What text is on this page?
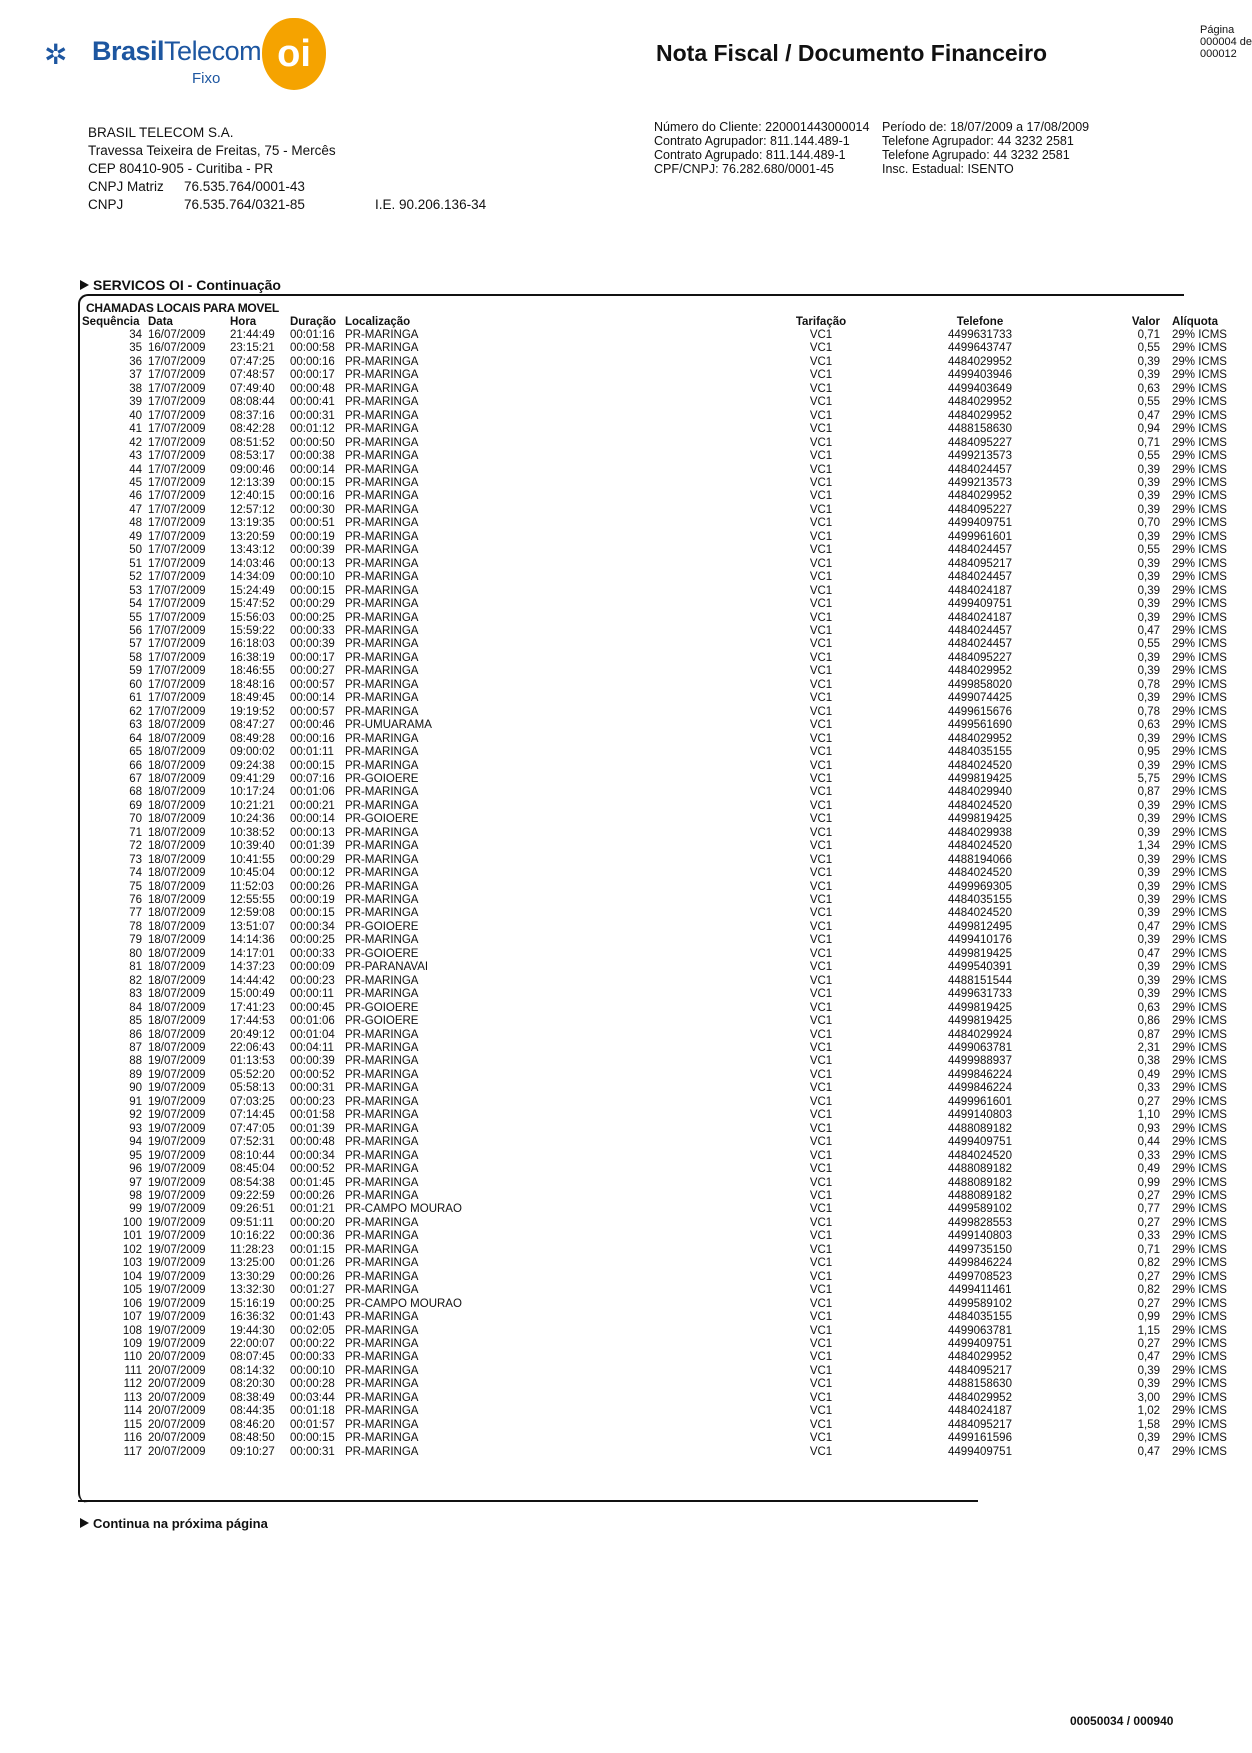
✲ BrasilTelecom
Fixo
oi	Nota Fiscal / Documento Financeiro
Página
000004 de
000012
BRASIL TELECOM S.A.
Travessa Teixeira de Freitas, 75 - Mercês
CEP 80410-905 - Curitiba - PR
CNPJ Matriz 76.535.764/0001-43
CNPJ	76.535.764/0321-85	I.E. 90.206.136-34
Número do Cliente: 220001443000014
Contrato Agrupador: 811.144.489-1
Contrato Agrupado: 811.144.489-1
CPF/CNPJ: 76.282.680/0001-45
Período de: 18/07/2009 a 17/08/2009
Telefone Agrupador: 44 3232 2581
Telefone Agrupado: 44 3232 2581
Insc. Estadual: ISENTO
SERVICOS OI - Continuação
CHAMADAS LOCAIS PARA MOVEL
Sequência	Data	Hora	Duração	Localização	Tarifação	Telefone	Valor	Alíquota
34	16/07/2009	21:44:49	00:01:16	PR-MARINGA	VC1	4499631733	0,71	29% ICMS
35	16/07/2009	23:15:21	00:00:58	PR-MARINGA	VC1	4499643747	0,55	29% ICMS
36	17/07/2009	07:47:25	00:00:16	PR-MARINGA	VC1	4484029952	0,39	29% ICMS
37	17/07/2009	07:48:57	00:00:17	PR-MARINGA	VC1	4499403946	0,39	29% ICMS
38	17/07/2009	07:49:40	00:00:48	PR-MARINGA	VC1	4499403649	0,63	29% ICMS
39	17/07/2009	08:08:44	00:00:41	PR-MARINGA	VC1	4484029952	0,55	29% ICMS
40	17/07/2009	08:37:16	00:00:31	PR-MARINGA	VC1	4484029952	0,47	29% ICMS
41	17/07/2009	08:42:28	00:01:12	PR-MARINGA	VC1	4488158630	0,94	29% ICMS
42	17/07/2009	08:51:52	00:00:50	PR-MARINGA	VC1	4484095227	0,71	29% ICMS
43	17/07/2009	08:53:17	00:00:38	PR-MARINGA	VC1	4499213573	0,55	29% ICMS
44	17/07/2009	09:00:46	00:00:14	PR-MARINGA	VC1	4484024457	0,39	29% ICMS
45	17/07/2009	12:13:39	00:00:15	PR-MARINGA	VC1	4499213573	0,39	29% ICMS
46	17/07/2009	12:40:15	00:00:16	PR-MARINGA	VC1	4484029952	0,39	29% ICMS
47	17/07/2009	12:57:12	00:00:30	PR-MARINGA	VC1	4484095227	0,39	29% ICMS
48	17/07/2009	13:19:35	00:00:51	PR-MARINGA	VC1	4499409751	0,70	29% ICMS
49	17/07/2009	13:20:59	00:00:19	PR-MARINGA	VC1	4499961601	0,39	29% ICMS
50	17/07/2009	13:43:12	00:00:39	PR-MARINGA	VC1	4484024457	0,55	29% ICMS
51	17/07/2009	14:03:46	00:00:13	PR-MARINGA	VC1	4484095217	0,39	29% ICMS
52	17/07/2009	14:34:09	00:00:10	PR-MARINGA	VC1	4484024457	0,39	29% ICMS
53	17/07/2009	15:24:49	00:00:15	PR-MARINGA	VC1	4484024187	0,39	29% ICMS
54	17/07/2009	15:47:52	00:00:29	PR-MARINGA	VC1	4499409751	0,39	29% ICMS
55	17/07/2009	15:56:03	00:00:25	PR-MARINGA	VC1	4484024187	0,39	29% ICMS
56	17/07/2009	15:59:22	00:00:33	PR-MARINGA	VC1	4484024457	0,47	29% ICMS
57	17/07/2009	16:18:03	00:00:39	PR-MARINGA	VC1	4484024457	0,55	29% ICMS
58	17/07/2009	16:38:19	00:00:17	PR-MARINGA	VC1	4484095227	0,39	29% ICMS
59	17/07/2009	18:46:55	00:00:27	PR-MARINGA	VC1	4484029952	0,39	29% ICMS
60	17/07/2009	18:48:16	00:00:57	PR-MARINGA	VC1	4499858020	0,78	29% ICMS
61	17/07/2009	18:49:45	00:00:14	PR-MARINGA	VC1	4499074425	0,39	29% ICMS
62	17/07/2009	19:19:52	00:00:57	PR-MARINGA	VC1	4499615676	0,78	29% ICMS
63	18/07/2009	08:47:27	00:00:46	PR-UMUARAMA	VC1	4499561690	0,63	29% ICMS
64	18/07/2009	08:49:28	00:00:16	PR-MARINGA	VC1	4484029952	0,39	29% ICMS
65	18/07/2009	09:00:02	00:01:11	PR-MARINGA	VC1	4484035155	0,95	29% ICMS
66	18/07/2009	09:24:38	00:00:15	PR-MARINGA	VC1	4484024520	0,39	29% ICMS
67	18/07/2009	09:41:29	00:07:16	PR-GOIOERE	VC1	4499819425	5,75	29% ICMS
68	18/07/2009	10:17:24	00:01:06	PR-MARINGA	VC1	4484029940	0,87	29% ICMS
69	18/07/2009	10:21:21	00:00:21	PR-MARINGA	VC1	4484024520	0,39	29% ICMS
70	18/07/2009	10:24:36	00:00:14	PR-GOIOERE	VC1	4499819425	0,39	29% ICMS
71	18/07/2009	10:38:52	00:00:13	PR-MARINGA	VC1	4484029938	0,39	29% ICMS
72	18/07/2009	10:39:40	00:01:39	PR-MARINGA	VC1	4484024520	1,34	29% ICMS
73	18/07/2009	10:41:55	00:00:29	PR-MARINGA	VC1	4488194066	0,39	29% ICMS
74	18/07/2009	10:45:04	00:00:12	PR-MARINGA	VC1	4484024520	0,39	29% ICMS
75	18/07/2009	11:52:03	00:00:26	PR-MARINGA	VC1	4499969305	0,39	29% ICMS
76	18/07/2009	12:55:55	00:00:19	PR-MARINGA	VC1	4484035155	0,39	29% ICMS
77	18/07/2009	12:59:08	00:00:15	PR-MARINGA	VC1	4484024520	0,39	29% ICMS
78	18/07/2009	13:51:07	00:00:34	PR-GOIOERE	VC1	4499812495	0,47	29% ICMS
79	18/07/2009	14:14:36	00:00:25	PR-MARINGA	VC1	4499410176	0,39	29% ICMS
80	18/07/2009	14:17:01	00:00:33	PR-GOIOERE	VC1	4499819425	0,47	29% ICMS
81	18/07/2009	14:37:23	00:00:09	PR-PARANAVAI	VC1	4499540391	0,39	29% ICMS
82	18/07/2009	14:44:42	00:00:23	PR-MARINGA	VC1	4488151544	0,39	29% ICMS
83	18/07/2009	15:00:49	00:00:11	PR-MARINGA	VC1	4499631733	0,39	29% ICMS
84	18/07/2009	17:41:23	00:00:45	PR-GOIOERE	VC1	4499819425	0,63	29% ICMS
85	18/07/2009	17:44:53	00:01:06	PR-GOIOERE	VC1	4499819425	0,86	29% ICMS
86	18/07/2009	20:49:12	00:01:04	PR-MARINGA	VC1	4484029924	0,87	29% ICMS
87	18/07/2009	22:06:43	00:04:11	PR-MARINGA	VC1	4499063781	2,31	29% ICMS
88	19/07/2009	01:13:53	00:00:39	PR-MARINGA	VC1	4499988937	0,38	29% ICMS
89	19/07/2009	05:52:20	00:00:52	PR-MARINGA	VC1	4499846224	0,49	29% ICMS
90	19/07/2009	05:58:13	00:00:31	PR-MARINGA	VC1	4499846224	0,33	29% ICMS
91	19/07/2009	07:03:25	00:00:23	PR-MARINGA	VC1	4499961601	0,27	29% ICMS
92	19/07/2009	07:14:45	00:01:58	PR-MARINGA	VC1	4499140803	1,10	29% ICMS
93	19/07/2009	07:47:05	00:01:39	PR-MARINGA	VC1	4488089182	0,93	29% ICMS
94	19/07/2009	07:52:31	00:00:48	PR-MARINGA	VC1	4499409751	0,44	29% ICMS
95	19/07/2009	08:10:44	00:00:34	PR-MARINGA	VC1	4484024520	0,33	29% ICMS
96	19/07/2009	08:45:04	00:00:52	PR-MARINGA	VC1	4488089182	0,49	29% ICMS
97	19/07/2009	08:54:38	00:01:45	PR-MARINGA	VC1	4488089182	0,99	29% ICMS
98	19/07/2009	09:22:59	00:00:26	PR-MARINGA	VC1	4488089182	0,27	29% ICMS
99	19/07/2009	09:26:51	00:01:21	PR-CAMPO MOURAO	VC1	4499589102	0,77	29% ICMS
100	19/07/2009	09:51:11	00:00:20	PR-MARINGA	VC1	4499828553	0,27	29% ICMS
101	19/07/2009	10:16:22	00:00:36	PR-MARINGA	VC1	4499140803	0,33	29% ICMS
102	19/07/2009	11:28:23	00:01:15	PR-MARINGA	VC1	4499735150	0,71	29% ICMS
103	19/07/2009	13:25:00	00:01:26	PR-MARINGA	VC1	4499846224	0,82	29% ICMS
104	19/07/2009	13:30:29	00:00:26	PR-MARINGA	VC1	4499708523	0,27	29% ICMS
105	19/07/2009	13:32:30	00:01:27	PR-MARINGA	VC1	4499411461	0,82	29% ICMS
106	19/07/2009	15:16:19	00:00:25	PR-CAMPO MOURAO	VC1	4499589102	0,27	29% ICMS
107	19/07/2009	16:36:32	00:01:43	PR-MARINGA	VC1	4484035155	0,99	29% ICMS
108	19/07/2009	19:44:30	00:02:05	PR-MARINGA	VC1	4499063781	1,15	29% ICMS
109	19/07/2009	22:00:07	00:00:22	PR-MARINGA	VC1	4499409751	0,27	29% ICMS
110	20/07/2009	08:07:45	00:00:33	PR-MARINGA	VC1	4484029952	0,47	29% ICMS
111	20/07/2009	08:14:32	00:00:10	PR-MARINGA	VC1	4484095217	0,39	29% ICMS
112	20/07/2009	08:20:30	00:00:28	PR-MARINGA	VC1	4488158630	0,39	29% ICMS
113	20/07/2009	08:38:49	00:03:44	PR-MARINGA	VC1	4484029952	3,00	29% ICMS
114	20/07/2009	08:44:35	00:01:18	PR-MARINGA	VC1	4484024187	1,02	29% ICMS
115	20/07/2009	08:46:20	00:01:57	PR-MARINGA	VC1	4484095217	1,58	29% ICMS
116	20/07/2009	08:48:50	00:00:15	PR-MARINGA	VC1	4499161596	0,39	29% ICMS
117	20/07/2009	09:10:27	00:00:31	PR-MARINGA	VC1	4499409751	0,47	29% ICMS
Continua na próxima página
00050034 / 000940
